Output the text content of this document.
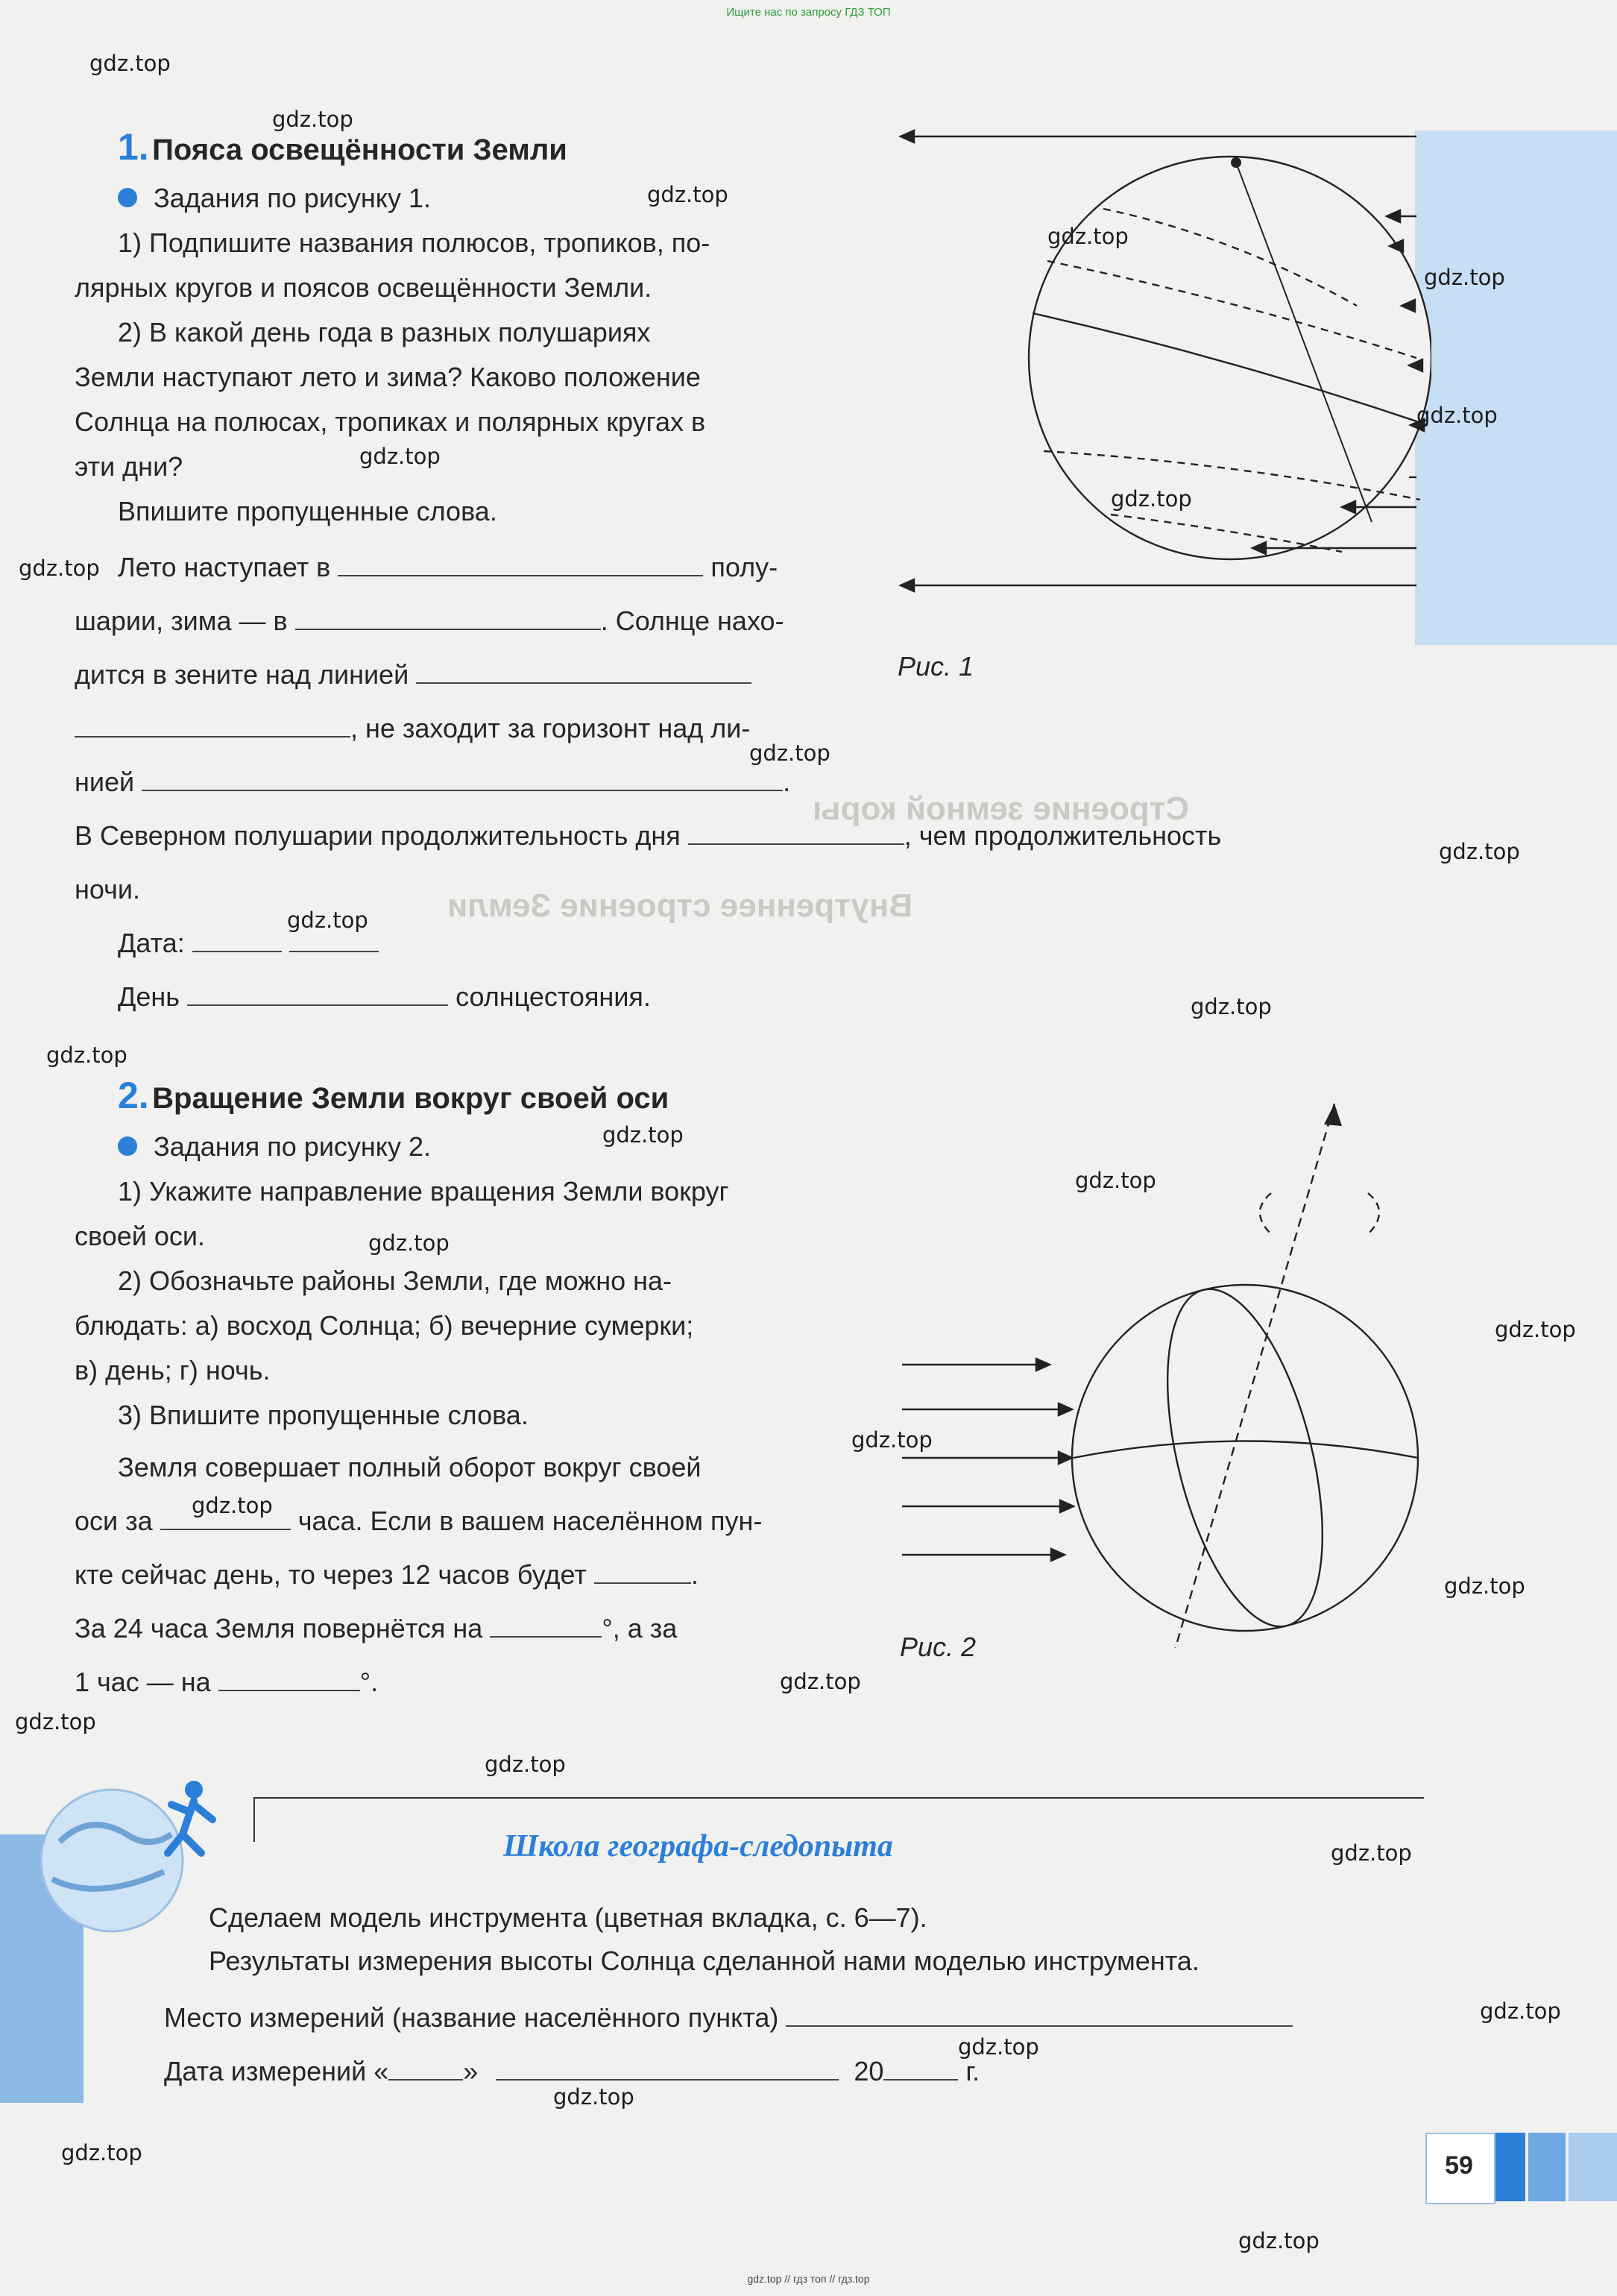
Ищите нас по запросу ГДЗ ТОП
Внутреннее строение Земли
Строение земной коры
1. Пояса освещённости Земли
Задания по рисунку 1.
1) Подпишите названия полюсов, тропиков, по-
лярных кругов и поясов освещённости Земли.
2) В какой день года в разных полушариях
Земли наступают лето и зима? Каково положение
Солнца на полюсах, тропиках и полярных кругах в
эти дни?
Впишите пропущенные слова.
Лето наступает в	полу-
шарии, зима — в	. Солнце нахо-
дится в зените над линией
, не заходит за горизонт над ли-
нией	.
В Северном полушарии продолжительность дня	, чем продолжительность
ночи.
Дата:
День	солнцестояния.
Рис. 1
2. Вращение Земли вокруг своей оси
Задания по рисунку 2.
1) Укажите направление вращения Земли вокруг
своей оси.
2) Обозначьте районы Земли, где можно на-
блюдать: а) восход Солнца; б) вечерние сумерки;
в) день; г) ночь.
3) Впишите пропущенные слова.
Земля совершает полный оборот вокруг своей
оси за	часа. Если в вашем населённом пун-
кте сейчас день, то через 12 часов будет	.
За 24 часа Земля повернётся на	°, а за
1 час — на	°.
Рис. 2
Школа географа-следопыта
Сделаем модель инструмента (цветная вкладка, с. 6—7).
Результаты измерения высоты Солнца сделанной нами моделью инструмента.
Место измерений (название населённого пункта)
Дата измерений «	»	20	г.
59
gdz.top // гдз топ // гдз.top
gdz.top
gdz.top
gdz.top
gdz.top
gdz.top
gdz.top
gdz.top
gdz.top
gdz.top
gdz.top
gdz.top
gdz.top
gdz.top
gdz.top
gdz.top
gdz.top
gdz.top
gdz.top
gdz.top
gdz.top
gdz.top
gdz.top
gdz.top
gdz.top
gdz.top
gdz.top
gdz.top
gdz.top
gdz.top
gdz.top
